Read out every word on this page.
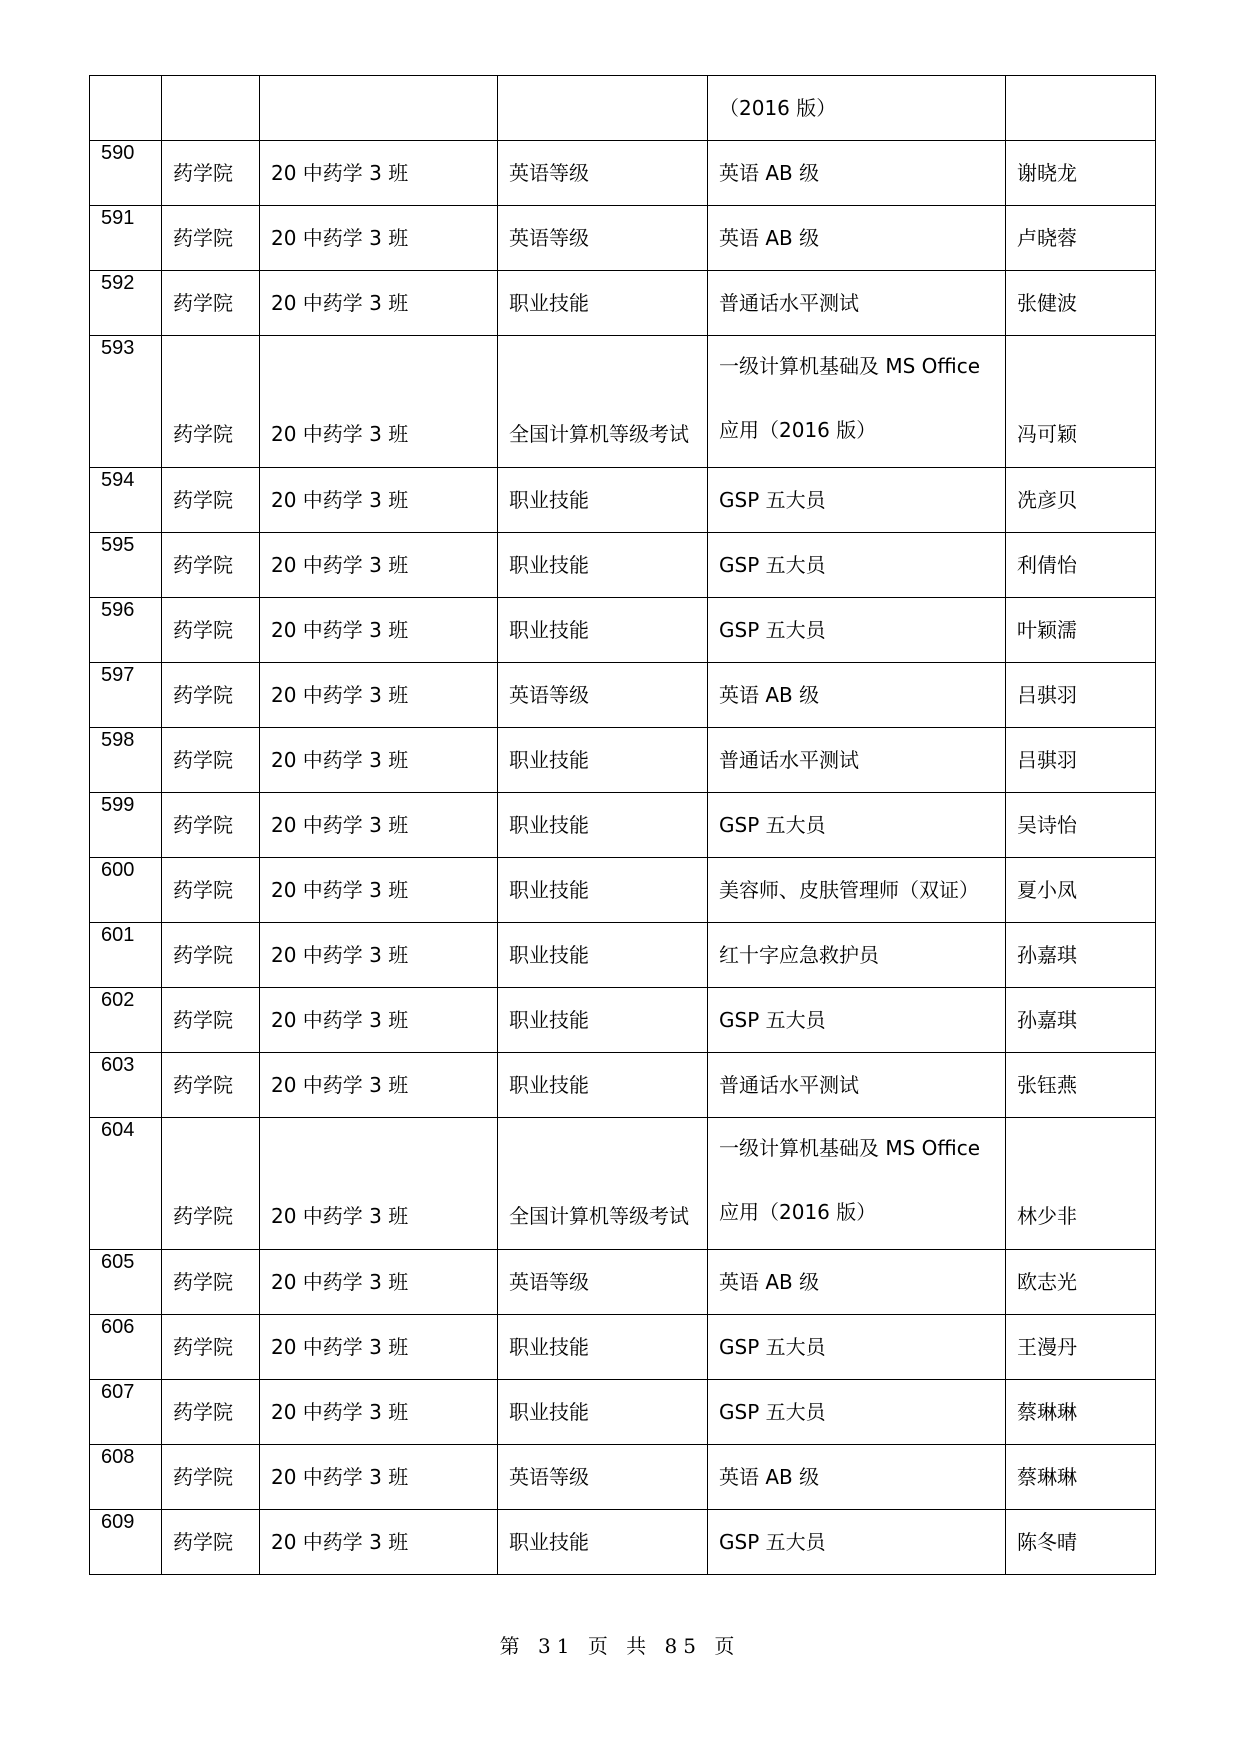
				（2016 版）	

590	药学院	20 中药学 3 班	英语等级	英语 AB 级	谢晓龙

591	药学院	20 中药学 3 班	英语等级	英语 AB 级	卢晓蓉

592	药学院	20 中药学 3 班	职业技能	普通话水平测试	张健波

593	药学院	20 中药学 3 班	全国计算机等级考试	一级计算机基础及 MS Office
应用（2016 版）	冯可颖

594	药学院	20 中药学 3 班	职业技能	GSP 五大员	冼彦贝

595	药学院	20 中药学 3 班	职业技能	GSP 五大员	利倩怡

596	药学院	20 中药学 3 班	职业技能	GSP 五大员	叶颖濡

597	药学院	20 中药学 3 班	英语等级	英语 AB 级	吕骐羽

598	药学院	20 中药学 3 班	职业技能	普通话水平测试	吕骐羽

599	药学院	20 中药学 3 班	职业技能	GSP 五大员	吴诗怡

600	药学院	20 中药学 3 班	职业技能	美容师、皮肤管理师（双证）	夏小凤

601	药学院	20 中药学 3 班	职业技能	红十字应急救护员	孙嘉琪

602	药学院	20 中药学 3 班	职业技能	GSP 五大员	孙嘉琪

603	药学院	20 中药学 3 班	职业技能	普通话水平测试	张钰燕

604	药学院	20 中药学 3 班	全国计算机等级考试	一级计算机基础及 MS Office
应用（2016 版）	林少非

605	药学院	20 中药学 3 班	英语等级	英语 AB 级	欧志光

606	药学院	20 中药学 3 班	职业技能	GSP 五大员	王漫丹

607	药学院	20 中药学 3 班	职业技能	GSP 五大员	蔡琳琳

608	药学院	20 中药学 3 班	英语等级	英语 AB 级	蔡琳琳

609	药学院	20 中药学 3 班	职业技能	GSP 五大员	陈冬晴
第 31 页 共 85 页
